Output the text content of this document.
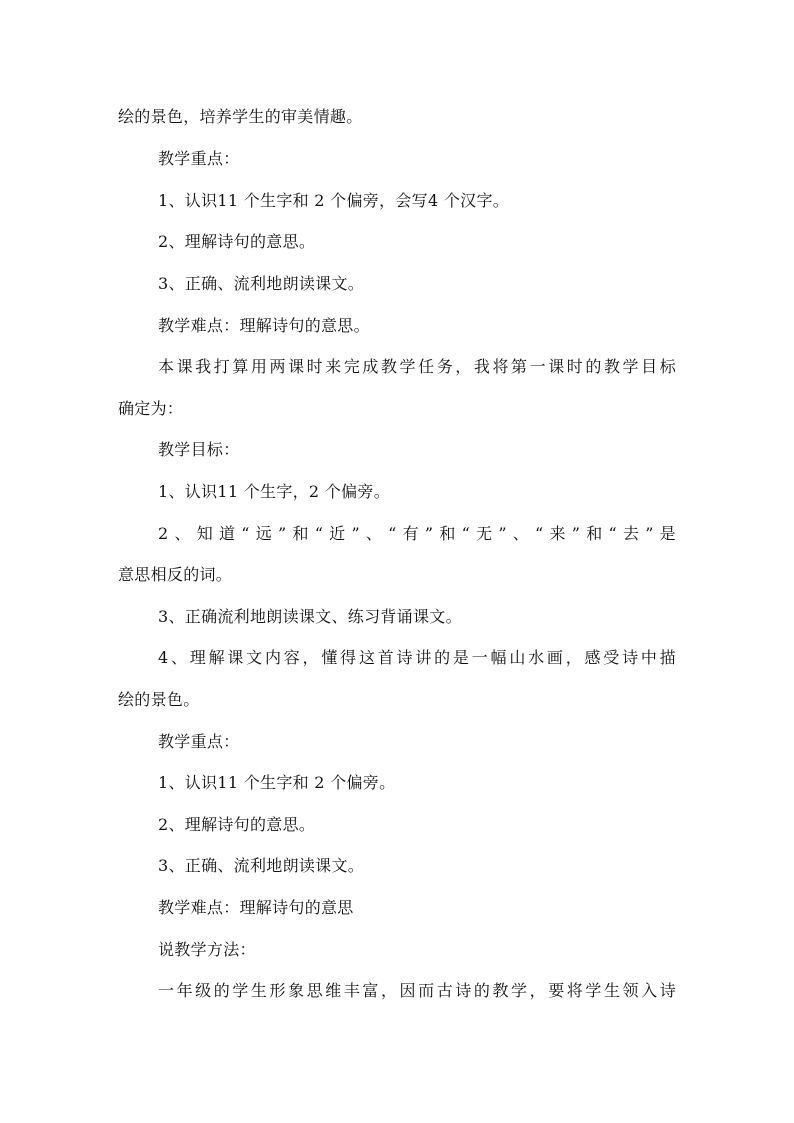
绘的景色，培养学生的审美情趣。
教学重点：
1、认识11 个生字和 2 个偏旁，会写4 个汉字。
2、理解诗句的意思。
3、正确、流利地朗读课文。
教学难点：理解诗句的意思。
本课我打算用两课时来完成教学任务，我将第一课时的教学目标
确定为：
教学目标：
1、认识11 个生字，2 个偏旁。
2、知道“远”和“近”、“有”和“无”、“来”和“去”是
意思相反的词。
3、正确流利地朗读课文、练习背诵课文。
4、理解课文内容，懂得这首诗讲的是一幅山水画，感受诗中描
绘的景色。
教学重点：
1、认识11 个生字和 2 个偏旁。
2、理解诗句的意思。
3、正确、流利地朗读课文。
教学难点：理解诗句的意思
说教学方法：
一年级的学生形象思维丰富，因而古诗的教学，要将学生领入诗
